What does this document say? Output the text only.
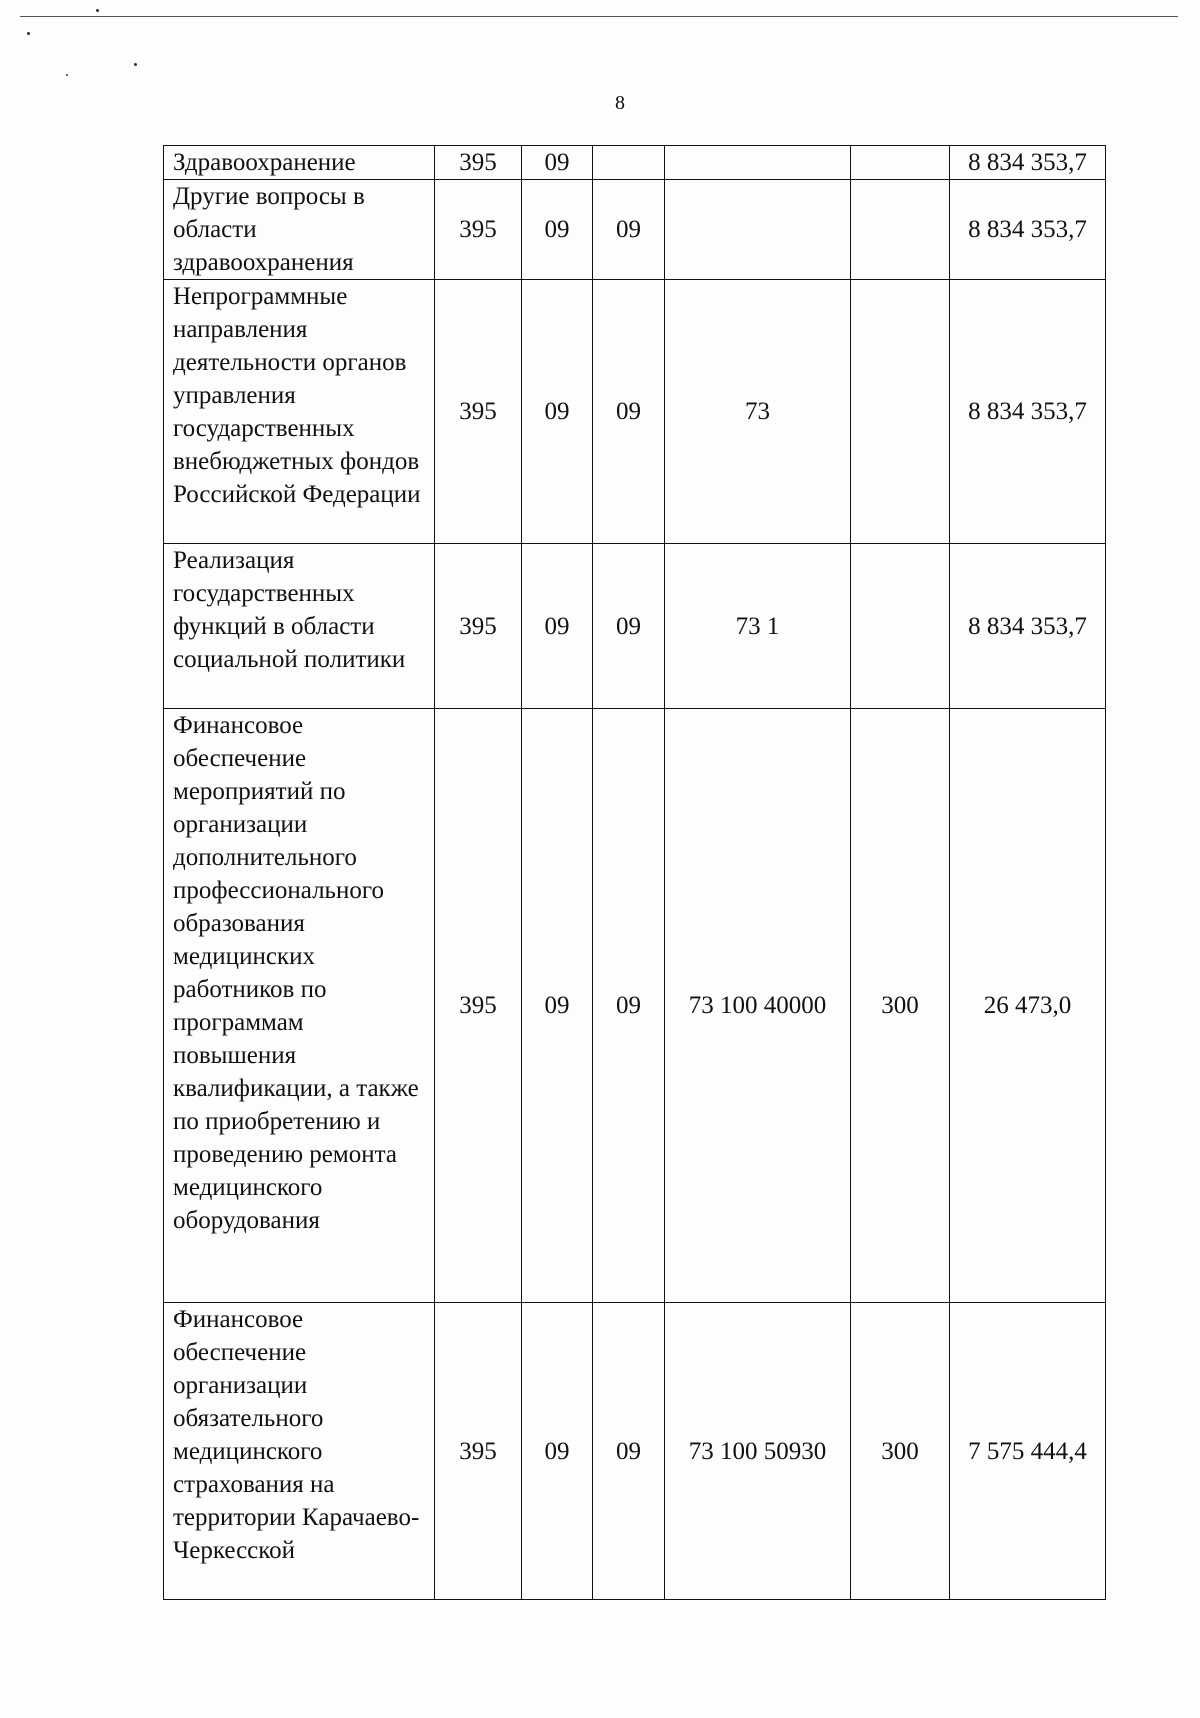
8
Здравоохранение	395	09				8 834 353,7
Другие вопросы в области здравоохранения	395	09	09			8 834 353,7
Непрограммные направления деятельности органов управления государственных внебюджетных фондов Российской Федерации	395	09	09	73		8 834 353,7
Реализация государственных функций в области социальной политики	395	09	09	73 1		8 834 353,7
Финансовое обеспечение мероприятий по организации дополнительного профессионального образования медицинских работников по программам повышения квалификации, а также по приобретению и проведению ремонта медицинского оборудования	395	09	09	73 100 40000	300	26 473,0
Финансовое обеспечение организации обязательного медицинского страхования на территории Карачаево-Черкесской	395	09	09	73 100 50930	300	7 575 444,4
